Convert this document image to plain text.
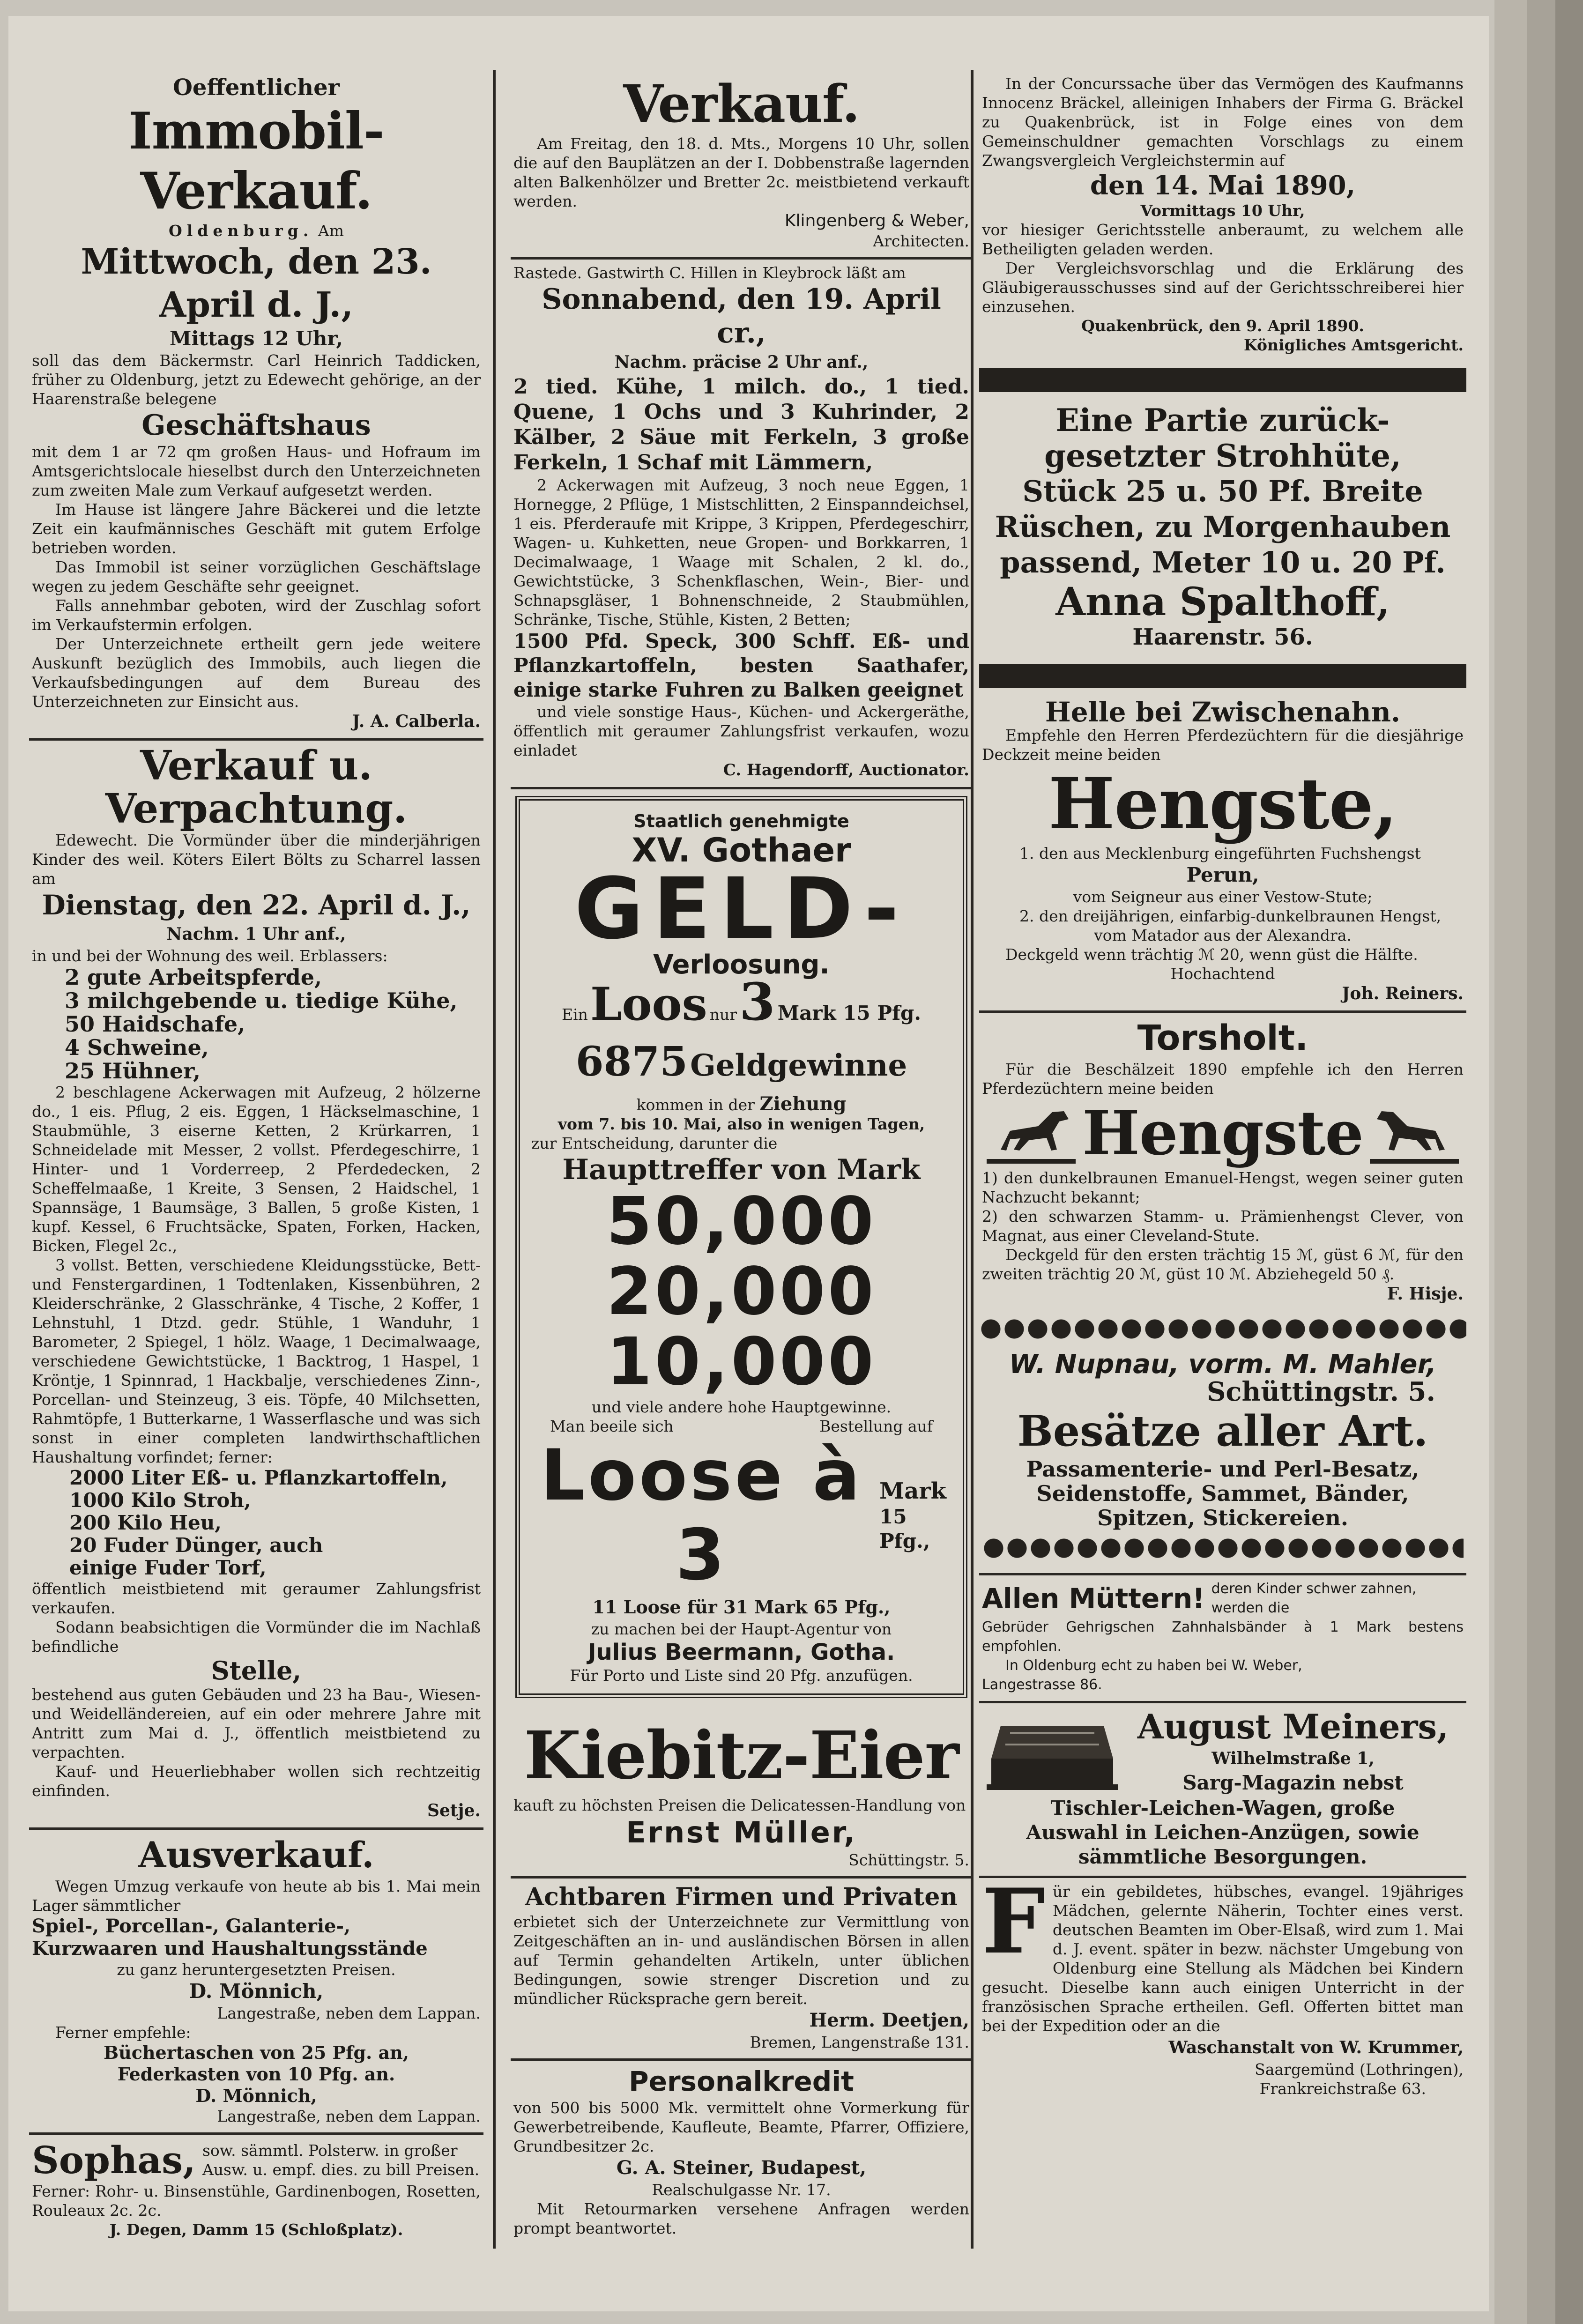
Oeffentlicher
Immobil-Verkauf.
Oldenburg. Am
Mittwoch, den 23. April d. J.,
Mittags 12 Uhr,
soll das dem Bäckermstr. Carl Heinrich Taddicken, früher zu Oldenburg, jetzt zu Edewecht gehörige, an der Haarenstraße belegene
Geschäftshaus
mit dem 1 ar 72 qm großen Haus- und Hofraum im Amtsgerichtslocale hieselbst durch den Unterzeichneten zum zweiten Male zum Verkauf aufgesetzt werden.
Im Hause ist längere Jahre Bäckerei und die letzte Zeit ein kaufmännisches Geschäft mit gutem Erfolge betrieben worden.
Das Immobil ist seiner vorzüglichen Geschäftslage wegen zu jedem Geschäfte sehr geeignet.
Falls annehmbar geboten, wird der Zuschlag sofort im Verkaufstermin erfolgen.
Der Unterzeichnete ertheilt gern jede weitere Auskunft bezüglich des Immobils, auch liegen die Verkaufsbedingungen auf dem Bureau des Unterzeichneten zur Einsicht aus.
J. A. Calberla.
Verkauf u. Verpachtung.
Edewecht. Die Vormünder über die minderjährigen Kinder des weil. Köters Eilert Bölts zu Scharrel lassen am
Dienstag, den 22. April d. J.,
Nachm. 1 Uhr anf.,
in und bei der Wohnung des weil. Erblassers:
2 gute Arbeitspferde,
3 milchgebende u. tiedige Kühe,
50 Haidschafe,
4 Schweine,
25 Hühner,
2 beschlagene Ackerwagen mit Aufzeug, 2 hölzerne do., 1 eis. Pflug, 2 eis. Eggen, 1 Häckselmaschine, 1 Staubmühle, 3 eiserne Ketten, 2 Krürkarren, 1 Schneidelade mit Messer, 2 vollst. Pferdegeschirre, 1 Hinter- und 1 Vorderreep, 2 Pferdedecken, 2 Scheffelmaaße, 1 Kreite, 3 Sensen, 2 Haidschel, 1 Spannsäge, 1 Baumsäge, 3 Ballen, 5 große Kisten, 1 kupf. Kessel, 6 Fruchtsäcke, Spaten, Forken, Hacken, Bicken, Flegel 2c.,
3 vollst. Betten, verschiedene Kleidungsstücke, Bett- und Fenstergardinen, 1 Todtenlaken, Kissenbühren, 2 Kleiderschränke, 2 Glasschränke, 4 Tische, 2 Koffer, 1 Lehnstuhl, 1 Dtzd. gedr. Stühle, 1 Wanduhr, 1 Barometer, 2 Spiegel, 1 hölz. Waage, 1 Decimalwaage, verschiedene Gewichtstücke, 1 Backtrog, 1 Haspel, 1 Kröntje, 1 Spinnrad, 1 Hackbalje, verschiedenes Zinn-, Porcellan- und Steinzeug, 3 eis. Töpfe, 40 Milchsetten, Rahmtöpfe, 1 Butterkarne, 1 Wasserflasche und was sich sonst in einer completen landwirthschaftlichen Haushaltung vorfindet; ferner:
2000 Liter Eß- u. Pflanzkartoffeln,
1000 Kilo Stroh,
200 Kilo Heu,
20 Fuder Dünger, auch
einige Fuder Torf,
öffentlich meistbietend mit geraumer Zahlungsfrist verkaufen.
Sodann beabsichtigen die Vormünder die im Nachlaß befindliche
Stelle,
bestehend aus guten Gebäuden und 23 ha Bau-, Wiesen- und Weidelländereien, auf ein oder mehrere Jahre mit Antritt zum Mai d. J., öffentlich meistbietend zu verpachten.
Kauf- und Heuerliebhaber wollen sich rechtzeitig einfinden.
Setje.
Ausverkauf.
Wegen Umzug verkaufe von heute ab bis 1. Mai mein Lager sämmtlicher
Spiel-, Porcellan-, Galanterie-, Kurzwaaren und Haushaltungsstände
zu ganz heruntergesetzten Preisen.
D. Mönnich,
Langestraße, neben dem Lappan.
Ferner empfehle:
Büchertaschen von 25 Pfg. an,
Federkasten von 10 Pfg. an.
D. Mönnich,
Langestraße, neben dem Lappan.
Sophas, sow. sämmtl. Polsterw. in großer Ausw. u. empf. dies. zu bill Preisen.
Ferner: Rohr- u. Binsenstühle, Gardinenbogen, Rosetten, Rouleaux 2c. 2c.
J. Degen, Damm 15 (Schloßplatz).
Verkauf.
Am Freitag, den 18. d. Mts., Morgens 10 Uhr, sollen die auf den Bauplätzen an der I. Dobbenstraße lagernden alten Balkenhölzer und Bretter 2c. meistbietend verkauft werden.
Klingenberg & Weber,
Architecten.
Rastede. Gastwirth C. Hillen in Kleybrock läßt am
Sonnabend, den 19. April cr.,
Nachm. präcise 2 Uhr anf.,
2 tied. Kühe, 1 milch. do., 1 tied. Quene, 1 Ochs und 3 Kuhrinder, 2 Kälber, 2 Säue mit Ferkeln, 3 große Ferkeln, 1 Schaf mit Lämmern,
2 Ackerwagen mit Aufzeug, 3 noch neue Eggen, 1 Hornegge, 2 Pflüge, 1 Mistschlitten, 2 Einspanndeichsel, 1 eis. Pferderaufe mit Krippe, 3 Krippen, Pferdegeschirr, Wagen- u. Kuhketten, neue Gropen- und Borkkarren, 1 Decimalwaage, 1 Waage mit Schalen, 2 kl. do., Gewichtstücke, 3 Schenkflaschen, Wein-, Bier- und Schnapsgläser, 1 Bohnenschneide, 2 Staubmühlen, Schränke, Tische, Stühle, Kisten, 2 Betten;
1500 Pfd. Speck, 300 Schff. Eß- und Pflanzkartoffeln, besten Saathafer, einige starke Fuhren zu Balken geeignet
und viele sonstige Haus-, Küchen- und Ackergeräthe, öffentlich mit geraumer Zahlungsfrist verkaufen, wozu einladet
C. Hagendorff, Auctionator.
Staatlich genehmigte
XV. Gothaer
GELD-
Verloosung.
Ein Loos nur 3 Mark 15 Pfg.
6875 Geldgewinne
kommen in der Ziehung
vom 7. bis 10. Mai, also in wenigen Tagen,
zur Entscheidung, darunter die
Haupttreffer von Mark
50,000
20,000
10,000
und viele andere hohe Hauptgewinne.
Man beeile sich	Bestellung auf
Loose à 3
Mark
15 Pfg.,
11 Loose für 31 Mark 65 Pfg.,
zu machen bei der Haupt-Agentur von
Julius Beermann, Gotha.
Für Porto und Liste sind 20 Pfg. anzufügen.
Kiebitz-Eier
kauft zu höchsten Preisen die Delicatessen-Handlung von
Ernst Müller,
Schüttingstr. 5.
Achtbaren Firmen und Privaten
erbietet sich der Unterzeichnete zur Vermittlung von Zeitgeschäften an in- und ausländischen Börsen in allen auf Termin gehandelten Artikeln, unter üblichen Bedingungen, sowie strenger Discretion und zu mündlicher Rücksprache gern bereit.
Herm. Deetjen,
Bremen, Langenstraße 131.
Personalkredit
von 500 bis 5000 Mk. vermittelt ohne Vormerkung für Gewerbetreibende, Kaufleute, Beamte, Pfarrer, Offiziere, Grundbesitzer 2c.
G. A. Steiner, Budapest,
Realschulgasse Nr. 17.
Mit Retourmarken versehene Anfragen werden prompt beantwortet.
In der Concurssache über das Vermögen des Kaufmanns Innocenz Bräckel, alleinigen Inhabers der Firma G. Bräckel zu Quakenbrück, ist in Folge eines von dem Gemeinschuldner gemachten Vorschlags zu einem Zwangsvergleich Vergleichstermin auf
den 14. Mai 1890,
Vormittags 10 Uhr,
vor hiesiger Gerichtsstelle anberaumt, zu welchem alle Betheiligten geladen werden.
Der Vergleichsvorschlag und die Erklärung des Gläubigerausschusses sind auf der Gerichtsschreiberei hier einzusehen.
Quakenbrück, den 9. April 1890.
Königliches Amtsgericht.
Eine Partie zurück-
gesetzter Strohhüte,
Stück 25 u. 50 Pf. Breite
Rüschen, zu Morgenhauben
passend, Meter 10 u. 20 Pf.
Anna Spalthoff,
Haarenstr. 56.
Helle bei Zwischenahn.
Empfehle den Herren Pferdezüchtern für die diesjährige Deckzeit meine beiden
Hengste,
1. den aus Mecklenburg eingeführten Fuchshengst
Perun,
vom Seigneur aus einer Vestow-Stute;
2. den dreijährigen, einfarbig-dunkelbraunen Hengst,
vom Matador aus der Alexandra.
Deckgeld wenn trächtig ℳ 20, wenn güst die Hälfte.
Hochachtend
Joh. Reiners.
Torsholt.
Für die Beschälzeit 1890 empfehle ich den Herren Pferdezüchtern meine beiden
Hengste
1) den dunkelbraunen Emanuel-Hengst, wegen seiner guten Nachzucht bekannt;
2) den schwarzen Stamm- u. Prämienhengst Clever, von Magnat, aus einer Cleveland-Stute.
Deckgeld für den ersten trächtig 15 ℳ, güst 6 ℳ, für den zweiten trächtig 20 ℳ, güst 10 ℳ. Abziehegeld 50 ₰.
F. Hisje.
W. Nupnau, vorm. M. Mahler,
Schüttingstr. 5.
Besätze aller Art.
Passamenterie- und Perl-Besatz,
Seidenstoffe, Sammet, Bänder,
Spitzen, Stickereien.
Allen Müttern! deren Kinder schwer zahnen, werden die
Gebrüder Gehrigschen Zahnhalsbänder à 1 Mark bestens empfohlen.
In Oldenburg echt zu haben bei W. Weber,
Langestrasse 86.
August Meiners,
Wilhelmstraße 1,
Sarg-Magazin nebst
Tischler-Leichen-Wagen, große
Auswahl in Leichen-Anzügen, sowie
sämmtliche Besorgungen.
F ür ein gebildetes, hübsches, evangel. 19jähriges Mädchen, gelernte Näherin, Tochter eines verst. deutschen Beamten im Ober-Elsaß, wird zum 1. Mai d. J. event. später in bezw. nächster Umgebung von Oldenburg eine Stellung als Mädchen bei Kindern gesucht. Dieselbe kann auch einigen Unterricht in der französischen Sprache ertheilen. Gefl. Offerten bittet man bei der Expedition oder an die
Waschanstalt von W. Krummer,
Saargemünd (Lothringen),
Frankreichstraße 63.
